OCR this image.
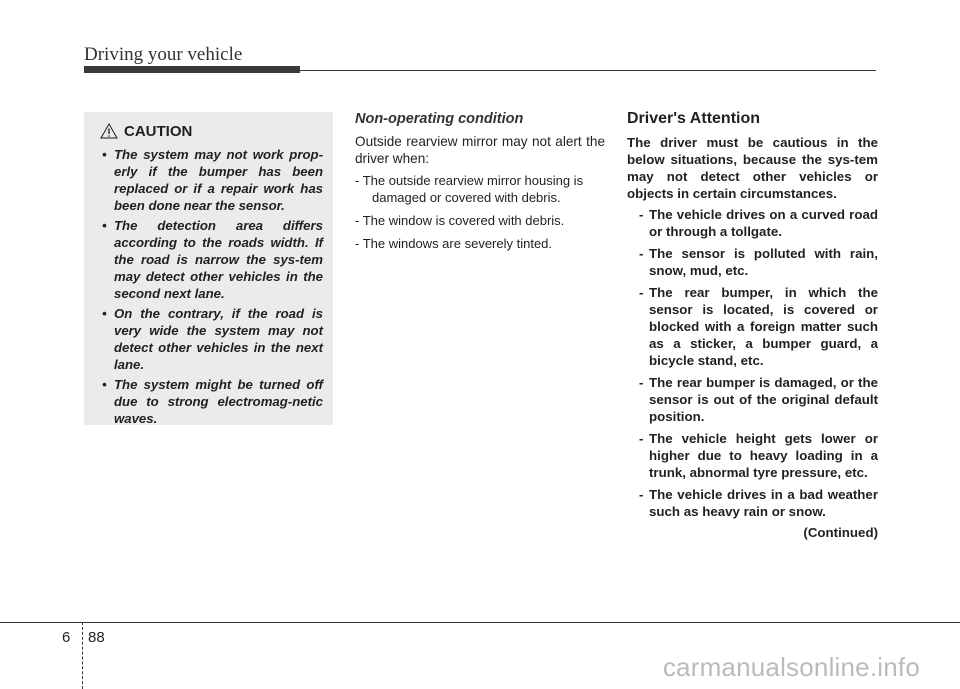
Driving your vehicle
CAUTION
• The system may not work prop-erly if the bumper has been replaced or if a repair work has been done near the sensor.
• The detection area differs according to the roads width. If the road is narrow the sys-tem may detect other vehicles in the second next lane.
• On the contrary, if the road is very wide the system may not detect other vehicles in the next lane.
• The system might be turned off due to strong electromag-netic waves.
Non-operating condition

Outside rearview mirror may not alert the driver when:

- The outside rearview mirror housing is damaged or covered with debris.
- The window is covered with debris.
- The windows are severely tinted.
Driver's Attention

The driver must be cautious in the below situations, because the sys-tem may not detect other vehicles or objects in certain circumstances.

- The vehicle drives on a curved road or through a tollgate.
- The sensor is polluted with rain, snow, mud, etc.
- The rear bumper, in which the sensor is located, is covered or blocked with a foreign matter such as a sticker, a bumper guard, a bicycle stand, etc.
- The rear bumper is damaged, or the sensor is out of the original default position.
- The vehicle height gets lower or higher due to heavy loading in a trunk, abnormal tyre pressure, etc.
- The vehicle drives in a bad weather such as heavy rain or snow.
(Continued)
6 88
carmanualsonline.info
